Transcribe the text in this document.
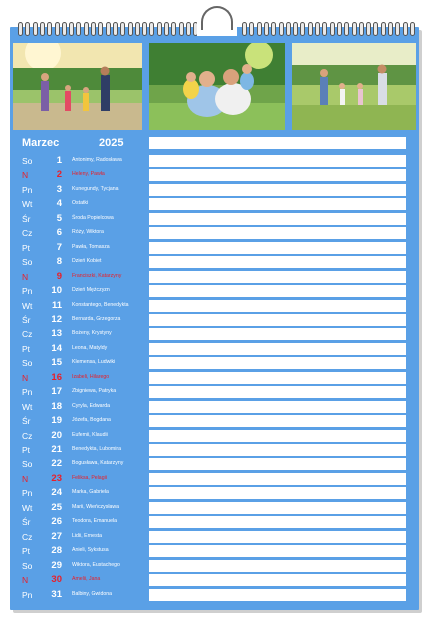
Marzec	2025
So	1 Antonimy, Radosława
N	2 Heleny, Pawła
Pn	3 Kunegundy, Tycjana
Wt	4 Ostatki
Śr	5 Środa Popielcowa
Cz	6 Róży, Wiktora
Pt	7 Pawła, Tomasza
So	8 Dzień Kobiet
N	9 Franciszki, Katarzyny
Pn	10 Dzień Mężczyzn
Wt	11 Konstantego, Benedykta
Śr	12 Bernarda, Grzegorza
Cz	13 Bożeny, Krystyny
Pt	14 Leona, Matyldy
So	15 Klemensa, Ludwiki
N	16 Izabeli, Hilarego
Pn	17 Zbigniewa, Patryka
Wt	18 Cyryla, Edwarda
Śr	19 Józefa, Bogdana
Cz	20 Eufemii, Klaudii
Pt	21 Benedykta, Lubomira
So	22 Bogusława, Katarzyny
N	23 Feliksa, Pelagii
Pn	24 Marka, Gabriela
Wt	25 Marii, Wieńczysława
Śr	26 Teodora, Emanuela
Cz	27 Lidii, Ernesta
Pt	28 Anieli, Sykstusa
So	29 Wiktora, Eustachego
N	30 Amelii, Jana
Pn	31 Balbiny, Gwidona
